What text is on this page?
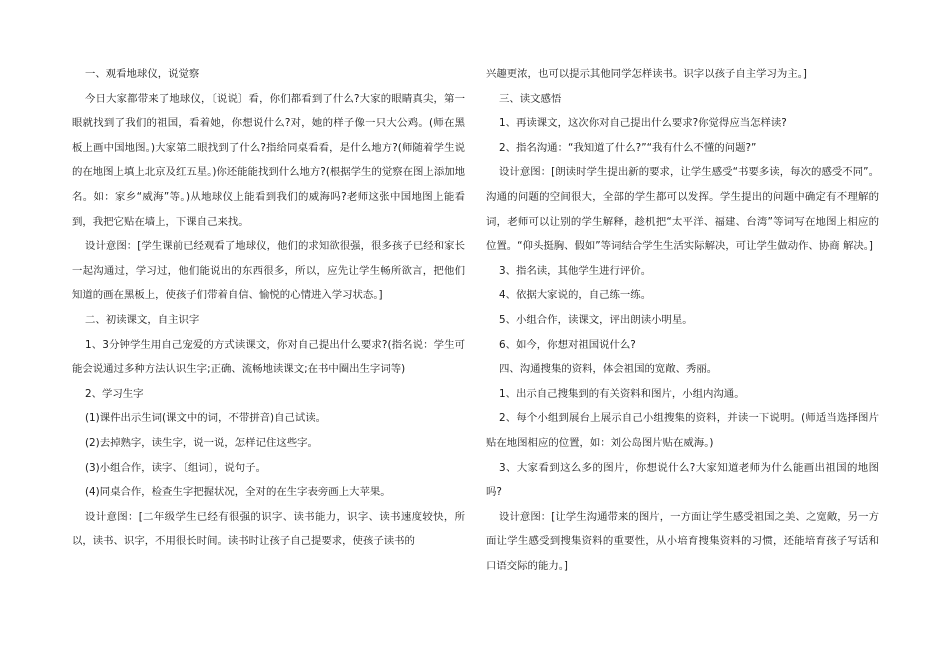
一、观看地球仪，说觉察

今日大家都带来了地球仪，〔说说〕看，你们都看到了什么?大家的眼睛真尖，第一眼就找到了我们的祖国，看着她，你想说什么?对，她的样子像一只大公鸡。(师在黑板上画中国地图。)大家第二眼找到了什么?指给同桌看看，是什么地方?(师随着学生说的在地图上填上北京及红五星。)你还能能找到什么地方?(根据学生的觉察在图上添加地名。如：家乡“威海”等。)从地球仪上能看到我们的威海吗?老师这张中国地图上能看到，我把它贴在墙上，下课自己来找。

设计意图：[学生课前已经观看了地球仪，他们的求知欲很强，很多孩子已经和家长一起沟通过，学习过，他们能说出的东西很多，所以，应先让学生畅所欲言，把他们知道的画在黑板上，使孩子们带着自信、愉悦的心情进入学习状态。]

二、初读课文，自主识字

1、3分钟学生用自己宠爱的方式读课文，你对自己提出什么要求?(指名说：学生可能会说通过多种方法认识生字;正确、流畅地读课文;在书中圈出生字词等)

2、学习生字

(1)课件出示生词(课文中的词，不带拼音)自己试读。

(2)去掉熟字，读生字，说一说，怎样记住这些字。

(3)小组合作，读字、〔组词〕，说句子。

(4)同桌合作，检查生字把握状况，全对的在生字表旁画上大苹果。

设计意图：[二年级学生已经有很强的识字、读书能力，识字、读书速度较快，所以，读书、识字，不用很长时间。读书时让孩子自己提要求，使孩子读书的

兴趣更浓，也可以提示其他同学怎样读书。识字以孩子自主学习为主。]

三、读文感悟

1、再读课文，这次你对自己提出什么要求?你觉得应当怎样读?

2、指名沟通：“我知道了什么?”“我有什么不懂的问题?”

设计意图：[朗读时学生提出新的要求，让学生感受“书要多读，每次的感受不同”。沟通的问题的空间很大，全部的学生都可以发挥。学生提出的问题中确定有不理解的词，老师可以让别的学生解释，趁机把“太平洋、福建、台湾”等词写在地图上相应的位置。“仰头挺胸、假如”等词结合学生生活实际解决，可让学生做动作、协商 解决。]

3、指名读，其他学生进行评价。

4、依据大家说的，自己练一练。

5、小组合作，读课文，评出朗读小明星。

6、如今，你想对祖国说什么?

四、沟通搜集的资料，体会祖国的宽敞、秀丽。

1、出示自己搜集到的有关资料和图片，小组内沟通。

2、每个小组到展台上展示自己小组搜集的资料，并读一下说明。(师适当选择图片贴在地图相应的位置，如：刘公岛图片贴在威海。)

3、大家看到这么多的图片，你想说什么?大家知道老师为什么能画出祖国的地图吗?

设计意图：[让学生沟通带来的图片，一方面让学生感受祖国之美、之宽敞，另一方面让学生感受到搜集资料的重要性，从小培育搜集资料的习惯，还能培育孩子写话和口语交际的能力。]
